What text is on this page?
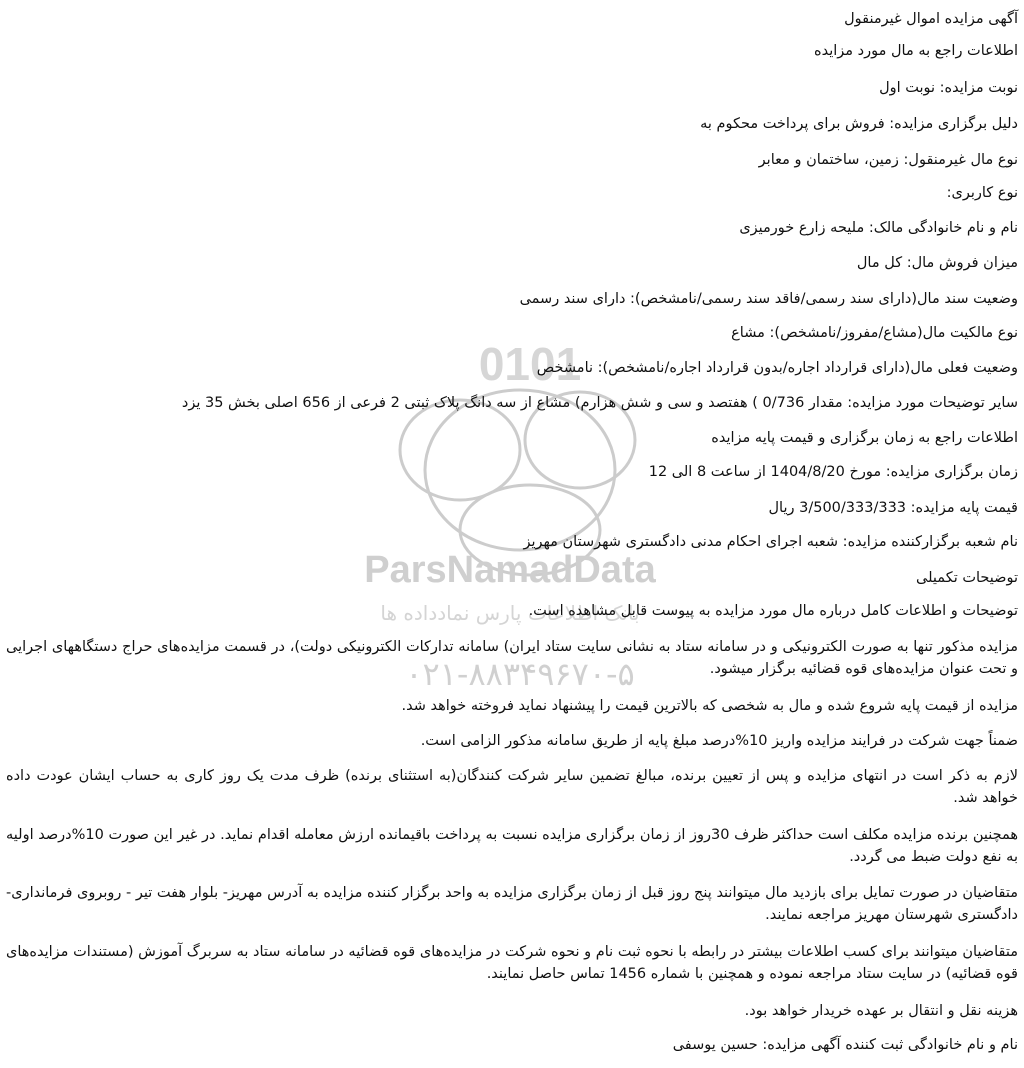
0101
ParsNamadData
بانک اطلاعات پارس نمادداده ها
۰۲۱-۸۸۳۴۹۶۷۰-۵

آگهی مزایده اموال غیرمنقول

اطلاعات راجع به مال مورد مزایده

نوبت مزایده: نوبت اول

دلیل برگزاری مزایده: فروش برای پرداخت محکوم به

نوع مال غیرمنقول: زمین، ساختمان و معابر

نوع کاربری:

نام و نام خانوادگی مالک: ملیحه زارع خورمیزی

میزان فروش مال: کل مال

وضعیت سند مال(دارای سند رسمی/فاقد سند رسمی/نامشخص): دارای سند رسمی

نوع مالکیت مال(مشاع/مفروز/نامشخص): مشاع

وضعیت فعلی مال(دارای قرارداد اجاره/بدون قرارداد اجاره/نامشخص): نامشخص

سایر توضیحات مورد مزایده: مقدار 0/736 ) هفتصد و سی و شش هزارم) مشاع از سه دانگ پلاک ثبتی 2 فرعی از 656 اصلی بخش 35 یزد

اطلاعات راجع به زمان برگزاری و قیمت پایه مزایده

زمان برگزاری مزایده: مورخ 1404/8/20 از ساعت 8 الی 12

قیمت پایه مزایده: 3/500/333/333 ریال

نام شعبه برگزارکننده مزایده: شعبه اجرای احکام مدنی دادگستری شهرستان مهریز

توضیحات تکمیلی

توضیحات و اطلاعات کامل درباره مال مورد مزایده به پیوست قابل مشاهده است.

مزایده مذکور تنها به صورت الکترونیکی و در سامانه ستاد به نشانی سایت ستاد ایران) سامانه تدارکات الکترونیکی دولت)، در قسمت مزایده‌های حراج دستگاههای اجرایی و تحت عنوان مزایده‌های قوه قضائیه برگزار میشود.

مزایده از قیمت پایه شروع شده و مال به شخصی که بالاترین قیمت را پیشنهاد نماید فروخته خواهد شد.

ضمناً جهت شرکت در فرایند مزایده واریز 10%درصد مبلغ پایه از طریق سامانه مذکور الزامی است.

لازم به ذکر است در انتهای مزایده و پس از تعیین برنده، مبالغ تضمین سایر شرکت کنندگان(به استثنای برنده) ظرف مدت یک روز کاری به حساب ایشان عودت داده خواهد شد.

همچنین برنده مزایده مکلف است حداکثر ظرف 30روز از زمان برگزاری مزایده نسبت به پرداخت باقیمانده ارزش معامله اقدام نماید. در غیر این صورت 10%درصد اولیه به نفع دولت ضبط می گردد.

متقاضیان در صورت تمایل برای بازدید مال میتوانند پنج روز قبل از زمان برگزاری مزایده به واحد برگزار کننده مزایده به آدرس مهریز- بلوار هفت تیر - روبروی فرمانداری- دادگستری شهرستان مهریز مراجعه نمایند.

متقاضیان میتوانند برای کسب اطلاعات بیشتر در رابطه با نحوه ثبت نام و نحوه شرکت در مزایده‌های قوه قضائیه در سامانه ستاد به سربرگ آموزش (مستندات مزایده‌های قوه قضائیه) در سایت ستاد مراجعه نموده و همچنین با شماره 1456 تماس حاصل نمایند.

هزینه نقل و انتقال بر عهده خریدار خواهد بود.

نام و نام خانوادگی ثبت کننده آگهی مزایده: حسین یوسفی
